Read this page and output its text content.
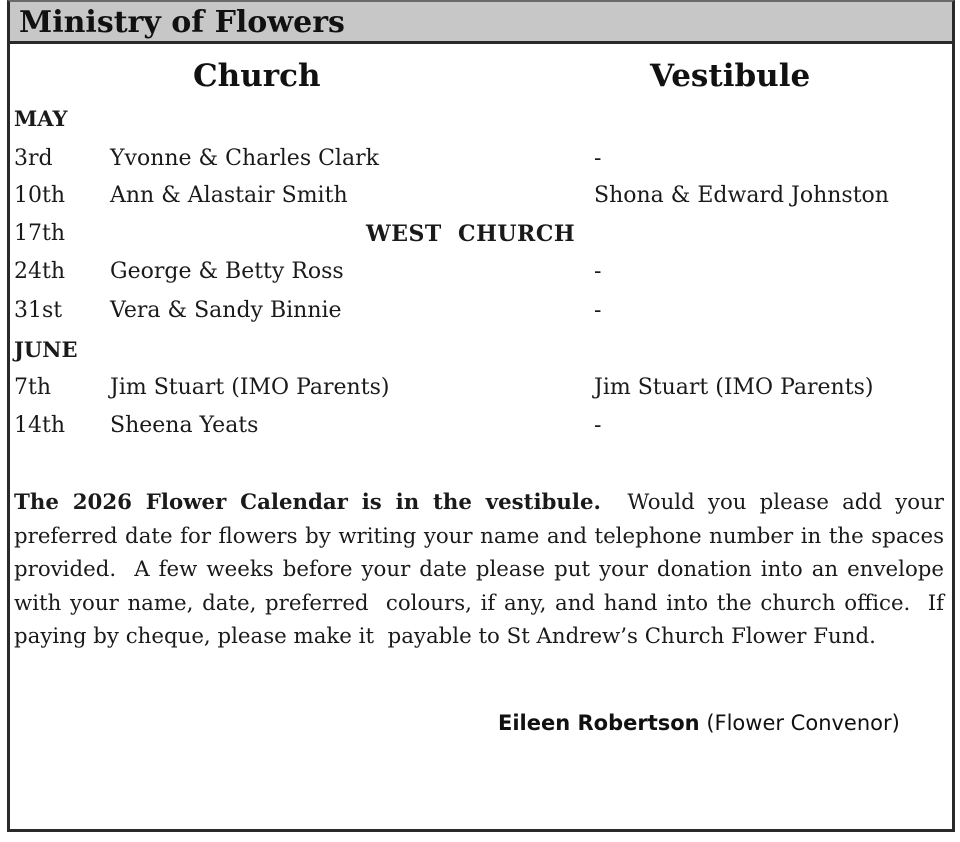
Ministry of Flowers
Church	Vestibule
MAY
3rd	Yvonne & Charles Clark	-
10th Ann & Alastair Smith	Shona & Edward Johnston
17th	WEST  CHURCH
24th George & Betty Ross	-
31st Vera & Sandy Binnie	-
JUNE
7th	Jim Stuart (IMO Parents)	Jim Stuart (IMO Parents)
14th Sheena Yeats	-

The 2026 Flower Calendar is in the vestibule. Would you please add your preferred date for flowers by writing your name and telephone number in the spaces provided.  A few weeks before your date please put your donation into an envelope with your name, date, preferred  colours, if any, and hand into the church office.  If paying by cheque, please make it  payable to St Andrew’s Church Flower Fund.

Eileen Robertson (Flower Convenor)
